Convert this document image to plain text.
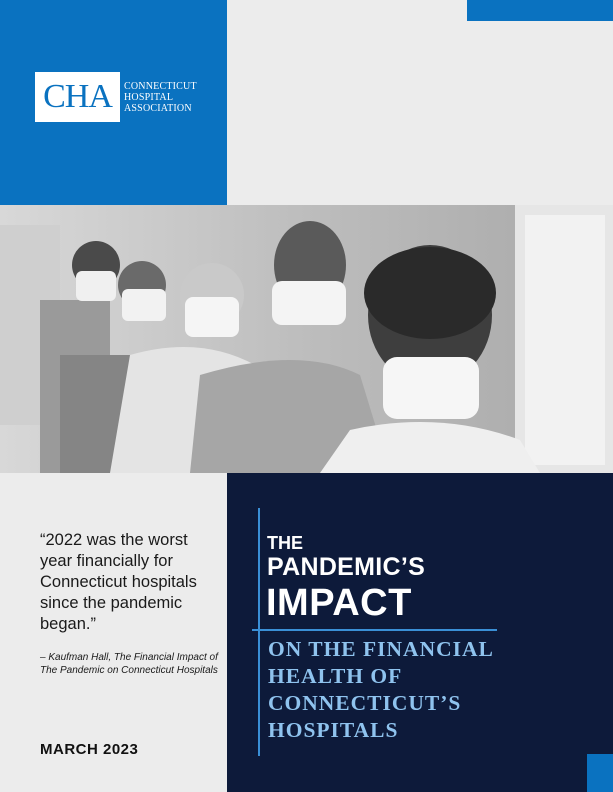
CHA CONNECTICUT
HOSPITAL
ASSOCIATION
“2022 was the worst year financially for Connecticut hospitals since the pandemic began.”
– Kaufman Hall, The Financial Impact of The Pandemic on Connecticut Hospitals
MARCH 2023
THE
PANDEMIC’S
IMPACT
ON THE FINANCIAL
HEALTH OF
CONNECTICUT’S
HOSPITALS
